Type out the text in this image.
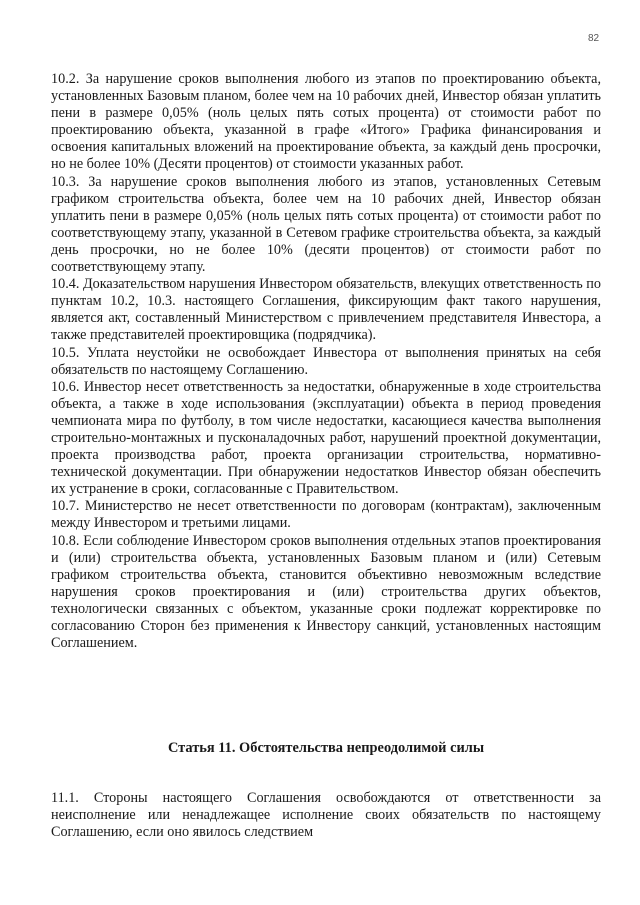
82

10.2. За нарушение сроков выполнения любого из этапов по проектированию объекта, установленных Базовым планом, более чем на 10 рабочих дней, Инвестор обязан уплатить пени в размере 0,05% (ноль целых пять сотых процента) от стоимости работ по проектированию объекта, указанной в графе «Итого» Графика финансирования и освоения капитальных вложений на проектирование объекта, за каждый день просрочки, но не более 10% (Десяти процентов) от стоимости указанных работ.

10.3. За нарушение сроков выполнения любого из этапов, установленных Сетевым графиком строительства объекта, более чем на 10 рабочих дней, Инвестор обязан уплатить пени в размере 0,05% (ноль целых пять сотых процента) от стоимости работ по соответствующему этапу, указанной в Сетевом графике строительства объекта, за каждый день просрочки, но не более 10% (десяти процентов) от стоимости работ по соответствующему этапу.

10.4. Доказательством нарушения Инвестором обязательств, влекущих ответственность по пунктам 10.2, 10.3. настоящего Соглашения, фиксирующим факт такого нарушения, является акт, составленный Министерством с привлечением представителя Инвестора, а также представителей проектировщика (подрядчика).

10.5. Уплата неустойки не освобождает Инвестора от выполнения принятых на себя обязательств по настоящему Соглашению.

10.6. Инвестор несет ответственность за недостатки, обнаруженные в ходе строительства объекта, а также в ходе использования (эксплуатации) объекта в период проведения чемпионата мира по футболу, в том числе недостатки, касающиеся качества выполнения строительно-монтажных и пусконаладочных работ, нарушений проектной документации, проекта производства работ, проекта организации строительства, нормативно-технической документации. При обнаружении недостатков Инвестор обязан обеспечить их устранение в сроки, согласованные с Правительством.

10.7. Министерство не несет ответственности по договорам (контрактам), заключенным между Инвестором и третьими лицами.

10.8. Если соблюдение Инвестором сроков выполнения отдельных этапов проектирования и (или) строительства объекта, установленных Базовым планом и (или) Сетевым графиком строительства объекта, становится объективно невозможным вследствие нарушения сроков проектирования и (или) строительства других объектов, технологически связанных с объектом, указанные сроки подлежат корректировке по согласованию Сторон без применения к Инвестору санкций, установленных настоящим Соглашением.

Статья 11. Обстоятельства непреодолимой силы

11.1. Стороны настоящего Соглашения освобождаются от ответственности за неисполнение или ненадлежащее исполнение своих обязательств по настоящему Соглашению, если оно явилось следствием
